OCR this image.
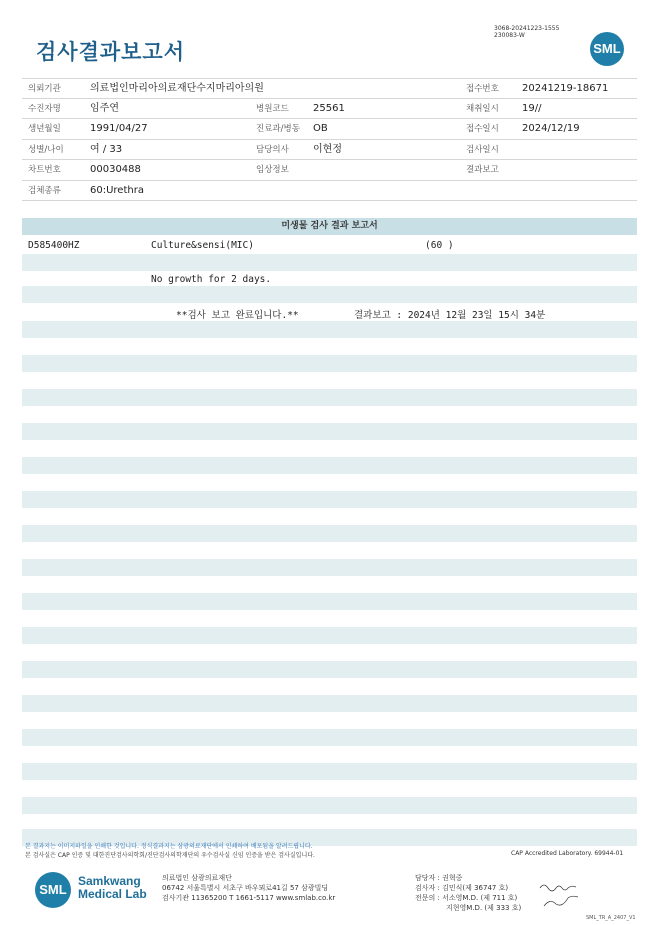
검사결과보고서
3068-20241223-1555
230083-W
SML
의뢰기관	의료법인마리아의료재단수지마리아의원	접수번호 20241219-18671
수진자명	임주연	병원코드 25561	채취일시 19//
생년월일	1991/04/27	진료과/병동 OB	접수일시 2024/12/19
성별/나이	여 / 33	담당의사 이현정	검사일시
차트번호	00030488	임상정보	결과보고
검체종류	60:Urethra
미생물 검사 결과 보고서
D585400HZ	Culture&sensi(MIC)	(60 )
No growth for 2 days.
**검사 보고 완료입니다.**	결과보고 : 2024년 12월 23일 15시 34분
본 결과지는 이미지파일을 인쇄한 것입니다. 정식결과지는 삼광의료재단에서 인쇄하여 배포됨을 알려드립니다.
본 검사실은 CAP 인증 및 대한진단검사의학회/진단검사의학재단의 우수검사실 신임 인증을 받은 검사실입니다.	CAP Accredited Laboratory. 69944-01
SML
Samkwang
Medical Lab
의료법인 삼광의료재단
06742 서울특별시 서초구 바우뫼로41길 57 삼광빌딩
검사기관 11365200 T 1661-5117 www.smlab.co.kr
담당자 : 권혁중
검사자 : 김민식(제 36747 호)
전문의 : 서소영M.D. (제 711 호)
지현영M.D. (제 333 호)
SML_TR_A_2407_V1
